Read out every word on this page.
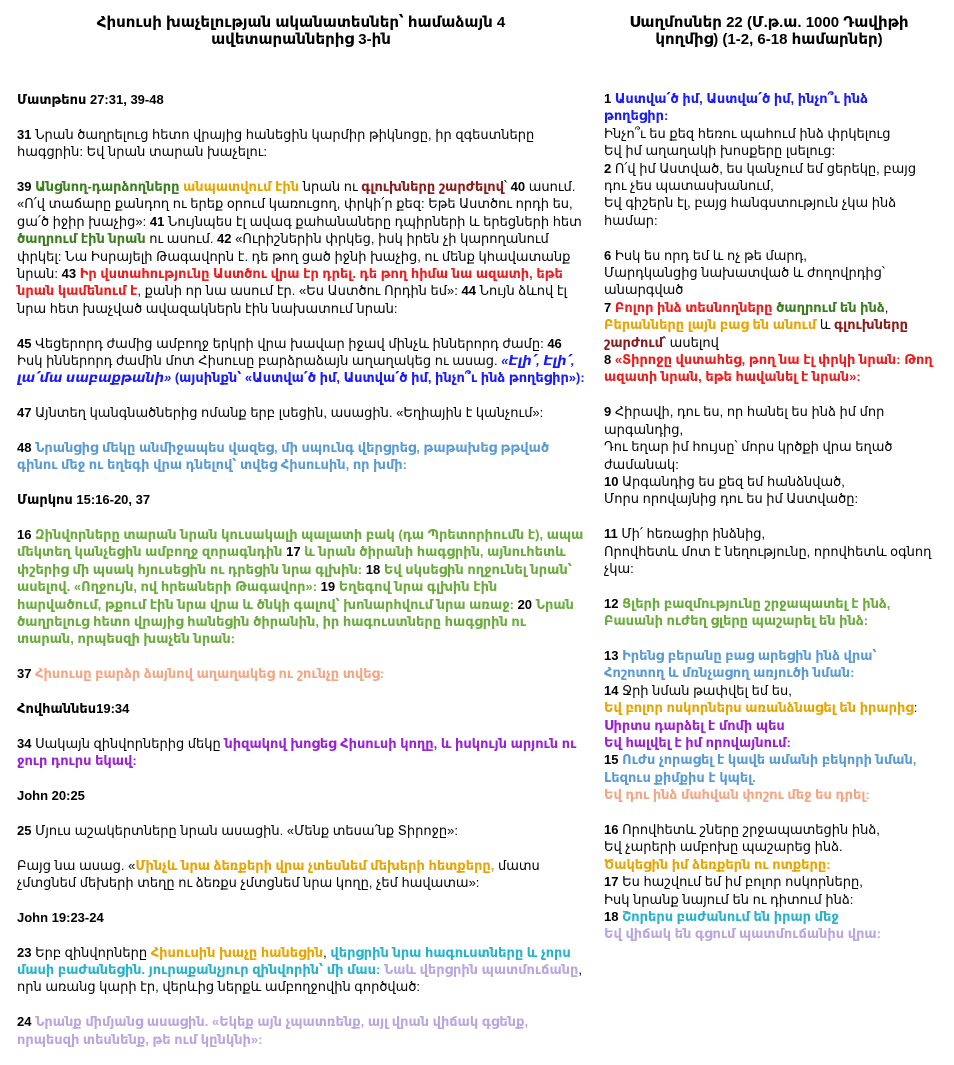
Հիսուսի խաչելության ականատեսներ՝ համաձայն 4 ավետարաններից 3-ին
Մատթեոս 27:31, 39-48
31 Նրան ծաղրելուց հետո վրայից հանեցին կարմիր թիկնոցը, իր զգեստները հագցրին: Եվ նրան տարան խաչելու:
39 Անցնող-դարձողները անպատվում էին նրան ու գլուխները շարժելով՝ 40 ասում. «Ո՛վ տաճարը քանդող ու երեք օրում կառուցող, փրկի՛ր քեզ: Եթե Աստծու որդի ես, ցա՛ծ իջիր խաչից»: 41 Նույնպես էլ ավագ քահանաները դպիրների և երեցների հետ ծաղրում էին նրան ու ասում. 42 «Ուրիշներին փրկեց, իսկ իրեն չի կարողանում փրկել: Նա Իսրայելի Թագավորն է. դե թող ցած իջնի խաչից, ու մենք կհավատանք նրան: 43 Իր վստահությունը Աստծու վրա էր դրել. դե թող հիմա նա ազատի, եթե նրան կամենում է, քանի որ նա ասում էր. «Ես Աստծու Որդին եմ»: 44 Նույն ձևով էլ նրա հետ խաչված ավազակներն էին նախատում նրան:
45 Վեցերորդ ժամից ամբողջ երկրի վրա խավար իջավ մինչև իններորդ ժամը: 46 Իսկ իններորդ ժամին մոտ Հիսուսը բարձրաձայն աղաղակեց ու ասաց. «Էլի՛, Էլի՛, լա՛մա սաբաքթանի» (այսինքն՝ «Աստվա՛ծ իմ, Աստվա՛ծ իմ, ինչո՞ւ ինձ թողեցիր»):
47 Այնտեղ կանգնածներից ոմանք երբ լսեցին, ասացին. «Եղիային է կանչում»:
48 Նրանցից մեկը անմիջապես վազեց, մի սպունգ վերցրեց, թաթախեց թթված գինու մեջ ու եղեգի վրա դնելով՝ տվեց Հիսուսին, որ խմի:
Մարկոս 15:16-20, 37
16 Զինվորները տարան նրան կուսակալի պալատի բակ (դա Պրետորիումն է), ապա մեկտեղ կանչեցին ամբողջ զորագնդին 17 և նրան ծիրանի հագցրին, այնուհետև փշերից մի պսակ հյուսեցին ու դրեցին նրա գլխին: 18 Եվ սկսեցին ողջունել նրան՝ ասելով. «Ողջույն, ով հրեաների Թագավոր»: 19 Եղեգով նրա գլխին էին հարվածում, թքում էին նրա վրա և ծնկի գալով՝ խոնարհվում նրա առաջ: 20 Նրան ծաղրելուց հետո վրայից հանեցին ծիրանին, իր հագուստները հագցրին ու տարան, որպեսզի խաչեն նրան:
37 Հիսուսը բարձր ձայնով աղաղակեց ու շունչը տվեց:
Հովհաննես19:34
34 Սակայն զինվորներից մեկը նիզակով խոցեց Հիսուսի կողը, և իսկույն արյուն ու ջուր դուրս եկավ:
John 20:25
25 Մյուս աշակերտները նրան ասացին. «Մենք տեսա՛նք Տիրոջը»:
Բայց նա ասաց. «Մինչև նրա ձեռքերի վրա չտեսնեմ մեխերի հետքերը, մատս չմտցնեմ մեխերի տեղը ու ձեռքս չմտցնեմ նրա կողը, չեմ հավատա»:
John 19:23-24
23 Երբ զինվորները Հիսուսին խաչը հանեցին, վերցրին նրա հագուստները և չորս մասի բաժանեցին. յուրաքանչյուր զինվորին՝ մի մաս: Նաև վերցրին պատմուճանը, որն առանց կարի էր, վերևից ներքև ամբողջովին գործված:
24 Նրանք միմյանց ասացին. «Եկեք այն չպատռենք, այլ վրան վիճակ գցենք, որպեսզի տեսնենք, թե ում կընկնի»:
Սաղմոսներ 22 (Մ.թ.ա. 1000 Դավիթի կողմից) (1-2, 6-18 համարներ)
1 Աստվա՛ծ իմ, Աստվա՛ծ իմ, ինչո՞ւ ինձ թողեցիր:
Ինչո՞ւ ես քեզ հեռու պահում ինձ փրկելուց
Եվ իմ աղաղակի խոսքերը լսելուց:
2 Ո՛վ իմ Աստված, ես կանչում եմ ցերեկը, բայց դու չես պատասխանում,
Եվ գիշերն էլ, բայց հանգստություն չկա ինձ համար:
6 Իսկ ես որդ եմ և ոչ թե մարդ,
Մարդկանցից նախատված և ժողովրդից՝ անարգված
7 Բոլոր ինձ տեսնողները ծաղրում են ինձ,
Բերանները լայն բաց են անում և գլուխները շարժում՝ ասելով
8 «Տիրոջը վստահեց, թող նա էլ փրկի նրան: Թող ազատի նրան, եթե հավանել է նրան»:
9 Հիրավի, դու ես, որ հանել ես ինձ իմ մոր արգանդից,
Դու եղար իմ հույսը՝ մորս կրծքի վրա եղած ժամանակ:
10 Արգանդից ես քեզ եմ հանձնված,
Մորս որովայնից դու ես իմ Աստվածը:
11 Մի՛ հեռացիր ինձնից,
Որովհետև մոտ է նեղությունը, որովհետև օգնող չկա:
12 Ցլերի բազմությունը շրջապատել է ինձ, Բասանի ուժեղ ցլերը պաշարել են ինձ:
13 Իրենց բերանը բաց արեցին ինձ վրա՝ Հոշոտող և մռնչացող առյուծի նման:
14 Ջրի նման թափվել եմ ես,
Եվ բոլոր ոսկորներս առանձնացել են իրարից:
Սիրտս դարձել է մոմի պես
Եվ հալվել է իմ որովայնում:
15 Ուժս չորացել է կավե ամանի բեկորի նման,
Լեզուս քիմքիս է կպել.
Եվ դու ինձ մահվան փոշու մեջ ես դրել:
16 Որովհետև շները շրջապատեցին ինձ,
Եվ չարերի ամբոխը պաշարեց ինձ.
Ծակեցին իմ ձեռքերն ու ոտքերը:
17 Ես հաշվում եմ իմ բոլոր ոսկորները,
Իսկ նրանք նայում են ու դիտում ինձ:
18 Շորերս բաժանում են իրար մեջ
Եվ վիճակ են գցում պատմուճանիս վրա:
